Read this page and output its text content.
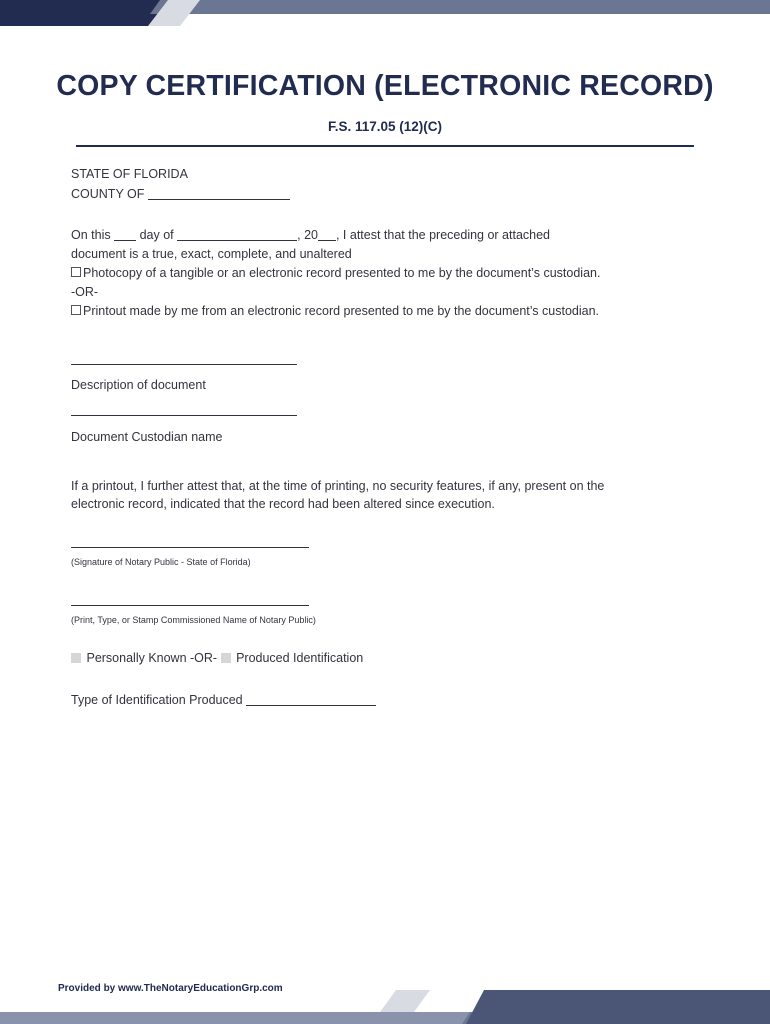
COPY CERTIFICATION (ELECTRONIC RECORD)
F.S. 117.05 (12)(C)
STATE OF FLORIDA
COUNTY OF
On this day of	, 20 , I attest that the preceding or attached
document is a true, exact, complete, and unaltered
Photocopy of a tangible or an electronic record presented to me by the document’s custodian.
-OR-
Printout made by me from an electronic record presented to me by the document’s custodian.
Description of document
Document Custodian name
If a printout, I further attest that, at the time of printing, no security features, if any, present on the
electronic record, indicated that the record had been altered since execution.
(Signature of Notary Public - State of Florida)
(Print, Type, or Stamp Commissioned Name of Notary Public)
Personally Known -OR- Produced Identification
Type of Identification Produced
Provided by www.TheNotaryEducationGrp.com
